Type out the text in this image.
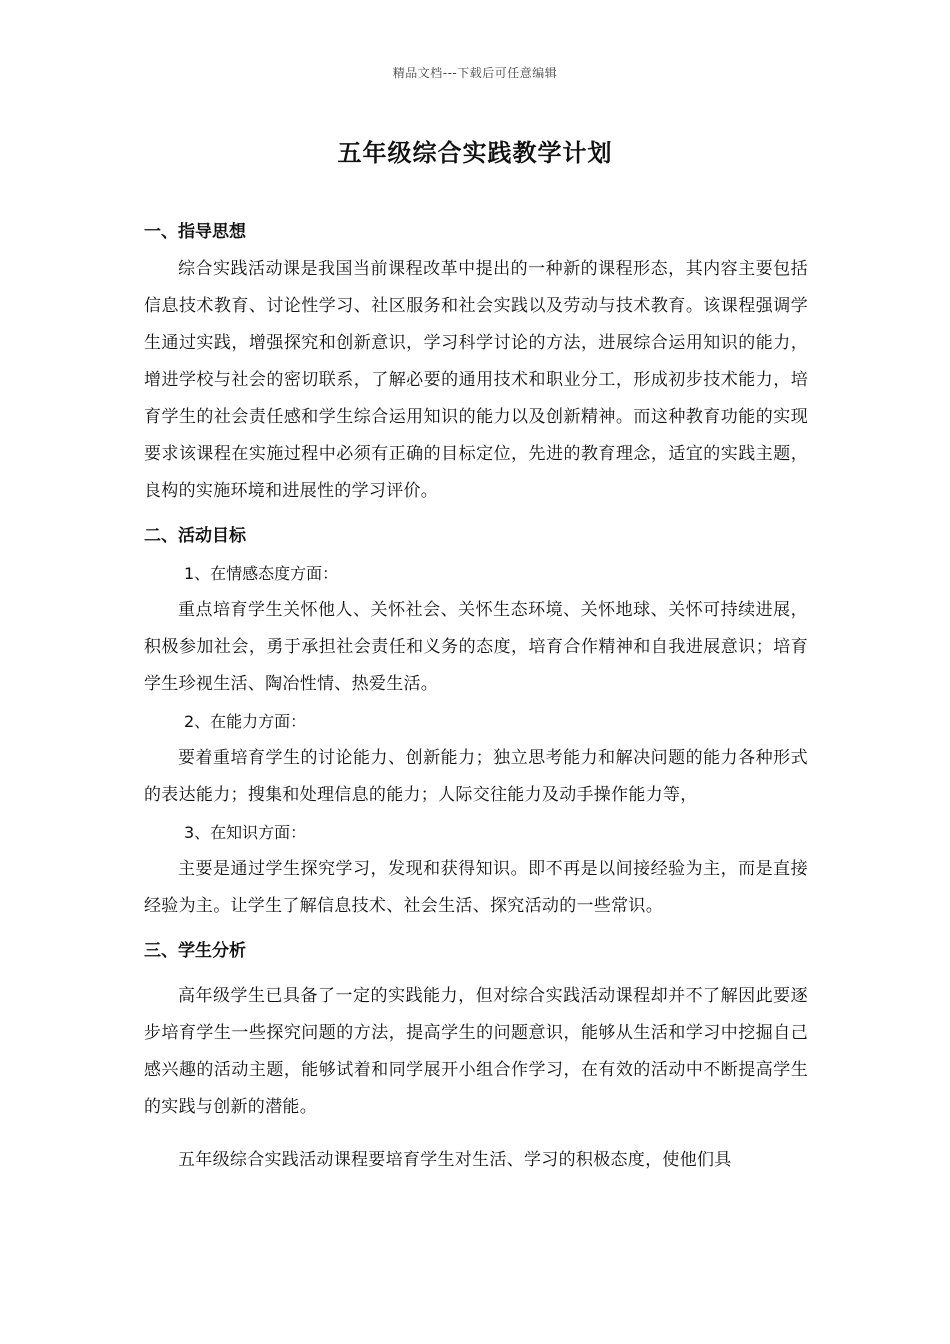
精品文档---下载后可任意编辑
五年级综合实践教学计划
一、指导思想

综合实践活动课是我国当前课程改革中提出的一种新的课程形态，其内容主要包括信息技术教育、讨论性学习、社区服务和社会实践以及劳动与技术教育。该课程强调学生通过实践，增强探究和创新意识，学习科学讨论的方法，进展综合运用知识的能力，增进学校与社会的密切联系，了解必要的通用技术和职业分工，形成初步技术能力，培育学生的社会责任感和学生综合运用知识的能力以及创新精神。而这种教育功能的实现要求该课程在实施过程中必须有正确的目标定位，先进的教育理念，适宜的实践主题，良构的实施环境和进展性的学习评价。

二、活动目标
1、在情感态度方面：

重点培育学生关怀他人、关怀社会、关怀生态环境、关怀地球、关怀可持续进展，积极参加社会，勇于承担社会责任和义务的态度，培育合作精神和自我进展意识；培育学生珍视生活、陶冶性情、热爱生活。

2、在能力方面：

要着重培育学生的讨论能力、创新能力；独立思考能力和解决问题的能力各种形式的表达能力；搜集和处理信息的能力；人际交往能力及动手操作能力等，

3、在知识方面：

主要是通过学生探究学习，发现和获得知识。即不再是以间接经验为主，而是直接经验为主。让学生了解信息技术、社会生活、探究活动的一些常识。

三、学生分析

高年级学生已具备了一定的实践能力，但对综合实践活动课程却并不了解因此要逐步培育学生一些探究问题的方法，提高学生的问题意识，能够从生活和学习中挖掘自己感兴趣的活动主题，能够试着和同学展开小组合作学习，在有效的活动中不断提高学生的实践与创新的潜能。

五年级综合实践活动课程要培育学生对生活、学习的积极态度，使他们具
